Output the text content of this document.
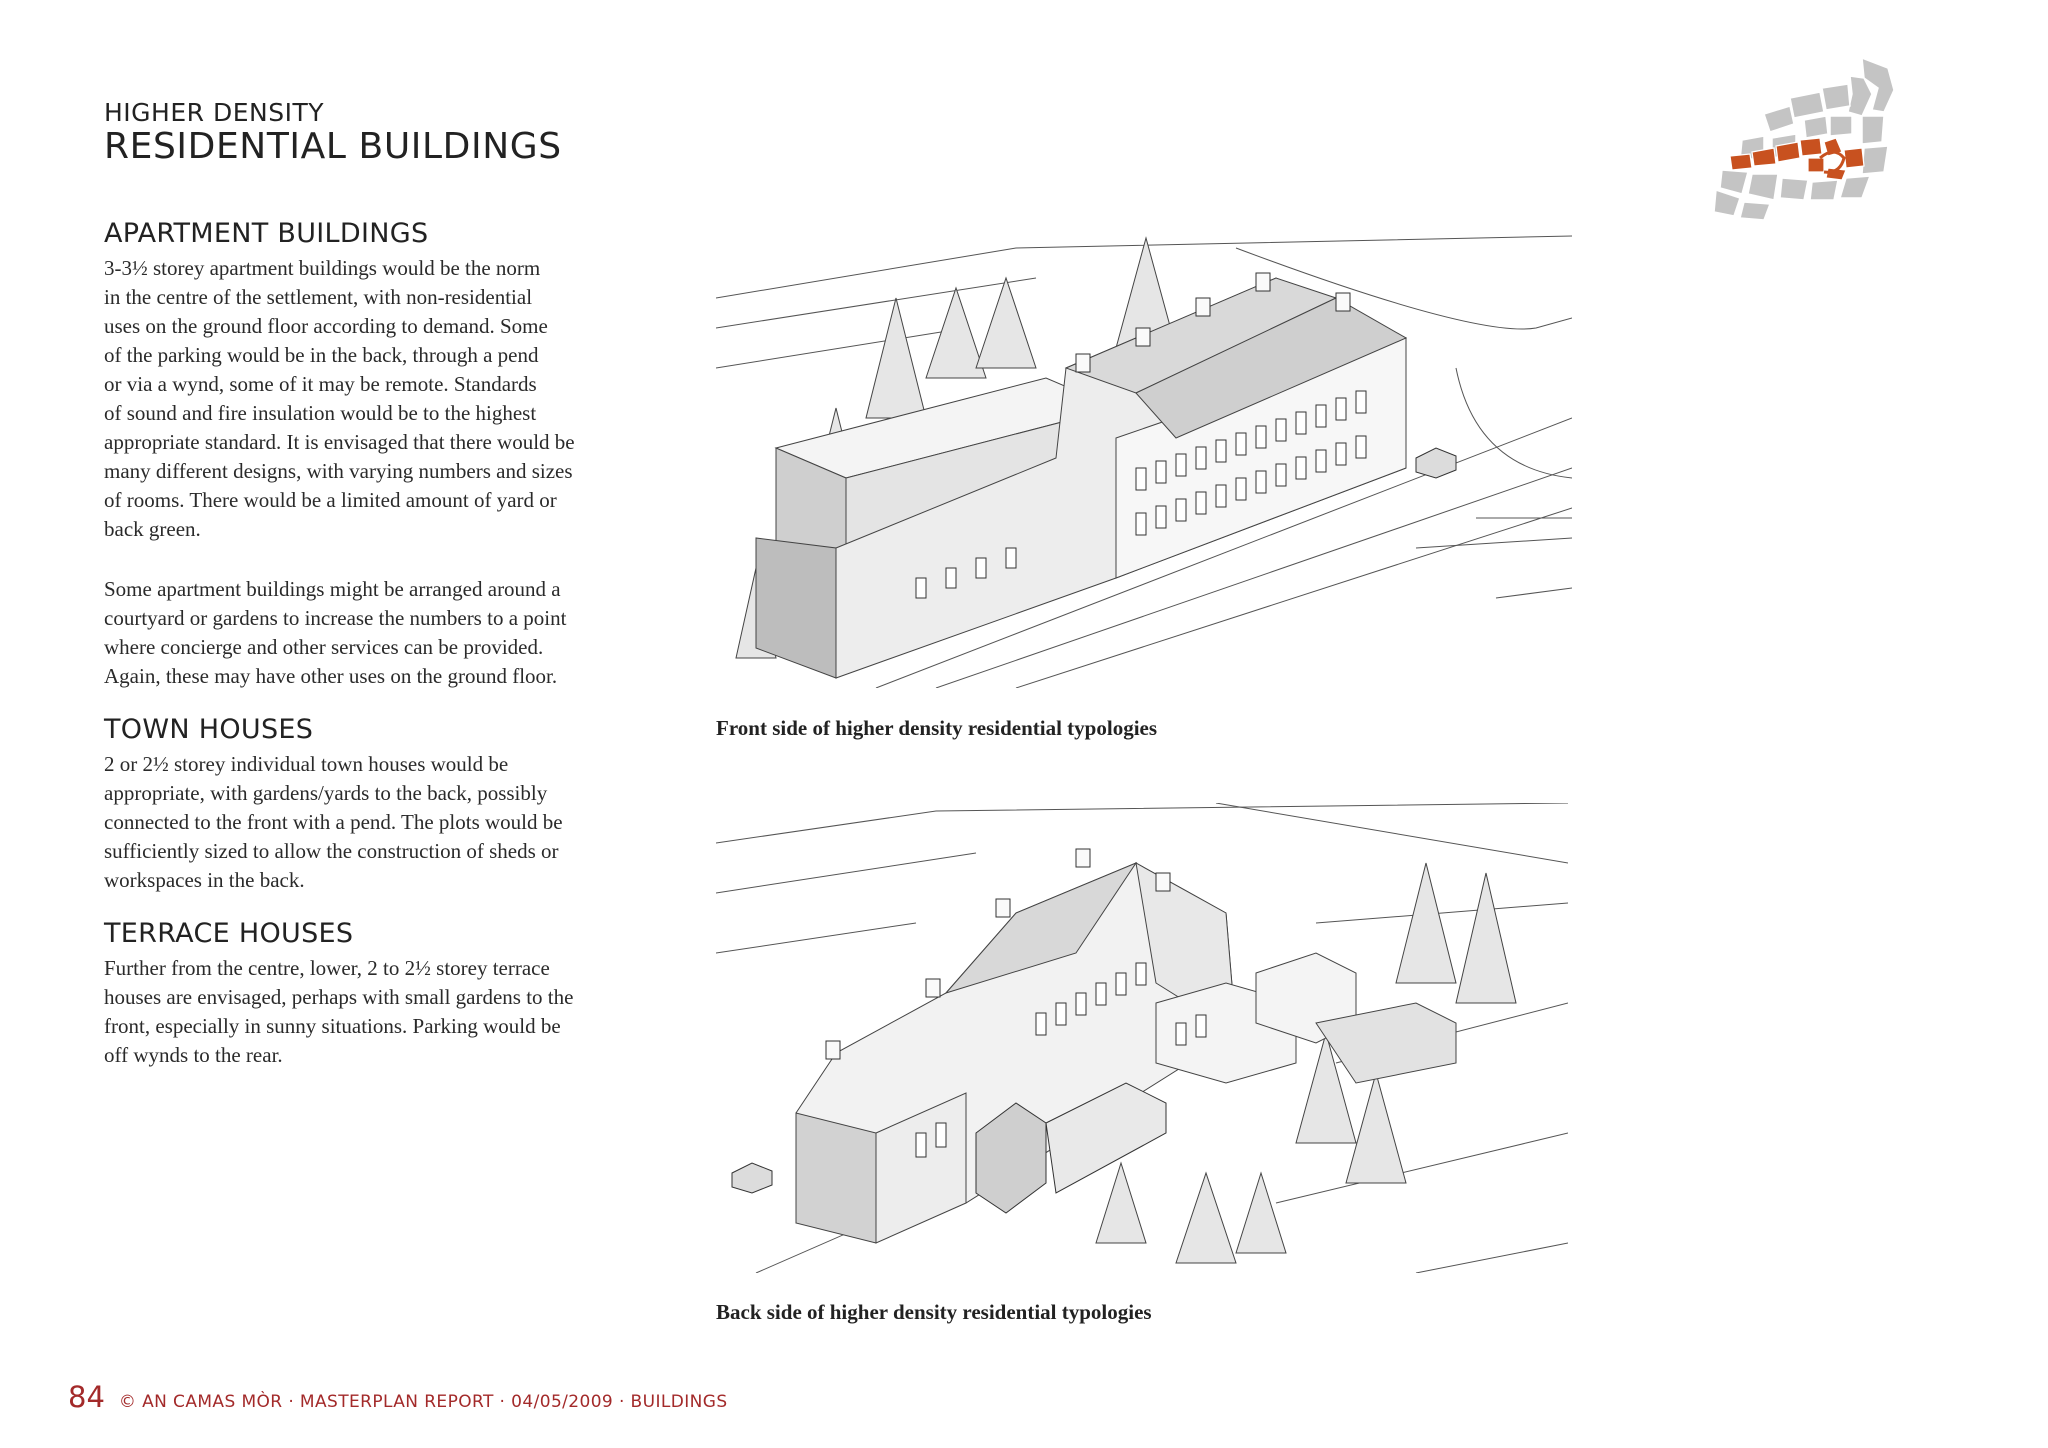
HIGHER DENSITY
RESIDENTIAL BUILDINGS
APARTMENT BUILDINGS

3-3½ storey apartment buildings would be the norm
in the centre of the settlement, with non-residential
uses on the ground floor according to demand. Some
of the parking would be in the back, through a pend
or via a wynd, some of it may be remote. Standards
of sound and fire insulation would be to the highest
appropriate standard. It is envisaged that there would be
many different designs, with varying numbers and sizes
of rooms. There would be a limited amount of yard or
back green.

Some apartment buildings might be arranged around a
courtyard or gardens to increase the numbers to a point
where concierge and other services can be provided.
Again, these may have other uses on the ground floor.

TOWN HOUSES

2 or 2½ storey individual town houses would be
appropriate, with gardens/yards to the back, possibly
connected to the front with a pend. The plots would be
sufficiently sized to allow the construction of sheds or
workspaces in the back.

TERRACE HOUSES

Further from the centre, lower, 2 to 2½ storey terrace
houses are envisaged, perhaps with small gardens to the
front, especially in sunny situations. Parking would be
off wynds to the rear.

Front side of higher density residential typologies
Back side of higher density residential typologies
84 © AN CAMAS MÒR · MASTERPLAN REPORT · 04/05/2009 · BUILDINGS
